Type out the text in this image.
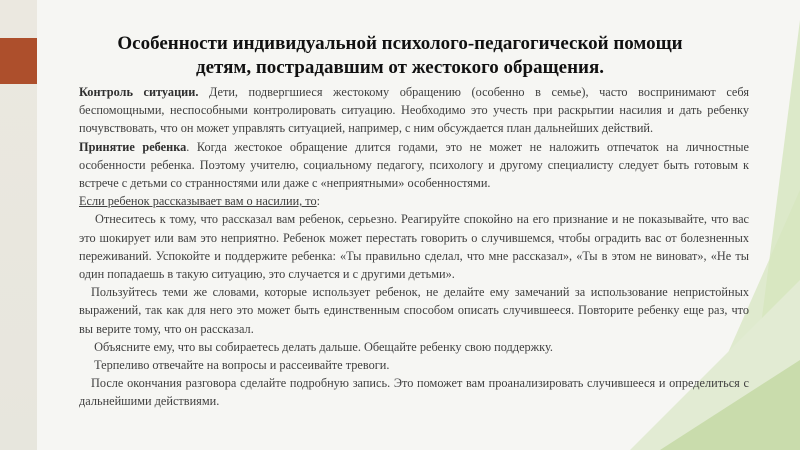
Особенности индивидуальной психолого-педагогической помощи
детям, пострадавшим от жестокого обращения.

Контроль ситуации. Дети, подвергшиеся жестокому обращению (особенно в семье), часто воспринимают себя беспомощными, неспособными контролировать ситуацию. Необходимо это учесть при раскрытии насилия и дать ребенку почувствовать, что он может управлять ситуацией, например, с ним обсуждается план дальнейших действий.

Принятие ребенка. Когда жестокое обращение длится годами, это не может не наложить отпечаток на личностные особенности ребенка. Поэтому учителю, социальному педагогу, психологу и другому специалисту следует быть готовым к встрече с детьми со странностями или даже с «неприятными» особенностями.

Если ребенок рассказывает вам о насилии, то:

Отнеситесь к тому, что рассказал вам ребенок, серьезно. Реагируйте спокойно на его признание и не показывайте, что вас это шокирует или вам это неприятно. Ребенок может перестать говорить о случившемся, чтобы оградить вас от болезненных переживаний. Успокойте и поддержите ребенка: «Ты правильно сделал, что мне рассказал», «Ты в этом не виноват», «Не ты один попадаешь в такую ситуацию, это случается и с другими детьми».

Пользуйтесь теми же словами, которые использует ребенок, не делайте ему замечаний за использование непристойных выражений, так как для него это может быть единственным способом описать случившееся. Повторите ребенку еще раз, что вы верите тому, что он рассказал.

Объясните ему, что вы собираетесь делать дальше. Обещайте ребенку свою поддержку.

Терпеливо отвечайте на вопросы и рассеивайте тревоги.

После окончания разговора сделайте подробную запись. Это поможет вам проанализировать случившееся и определиться с дальнейшими действиями.
